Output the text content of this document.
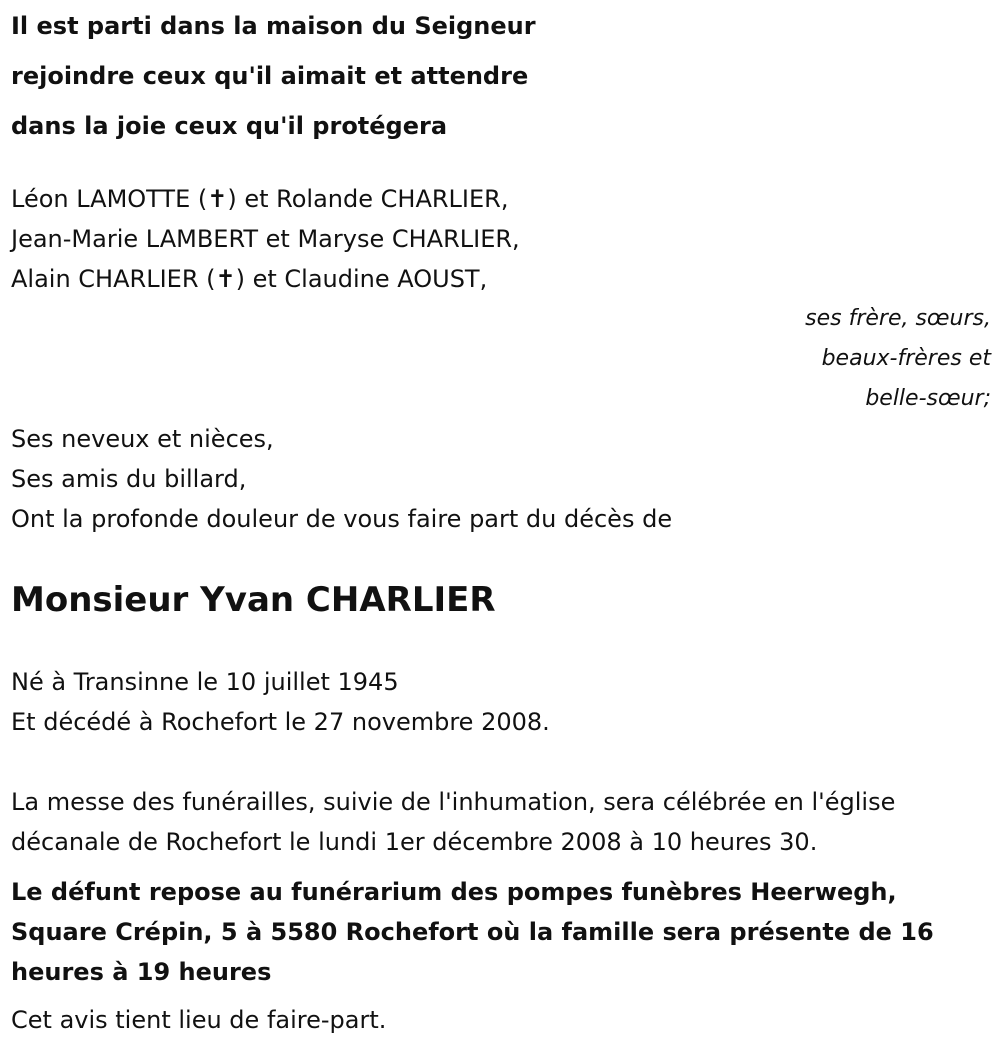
Il est parti dans la maison du Seigneur
rejoindre ceux qu'il aimait et attendre
dans la joie ceux qu'il protégera
Léon LAMOTTE (✝) et Rolande CHARLIER,
Jean-Marie LAMBERT et Maryse CHARLIER,
Alain CHARLIER (✝) et Claudine AOUST,
ses frère, sœurs,
beaux-frères et
belle-sœur;
Ses neveux et nièces,
Ses amis du billard,
Ont la profonde douleur de vous faire part du décès de
Monsieur Yvan CHARLIER
Né à Transinne le 10 juillet 1945
Et décédé à Rochefort le 27 novembre 2008.
La messe des funérailles, suivie de l'inhumation, sera célébrée en l'église
décanale de Rochefort le lundi 1er décembre 2008 à 10 heures 30.
Le défunt repose au funérarium des pompes funèbres Heerwegh,
Square Crépin, 5 à 5580 Rochefort où la famille sera présente de 16
heures à 19 heures
Cet avis tient lieu de faire-part.
